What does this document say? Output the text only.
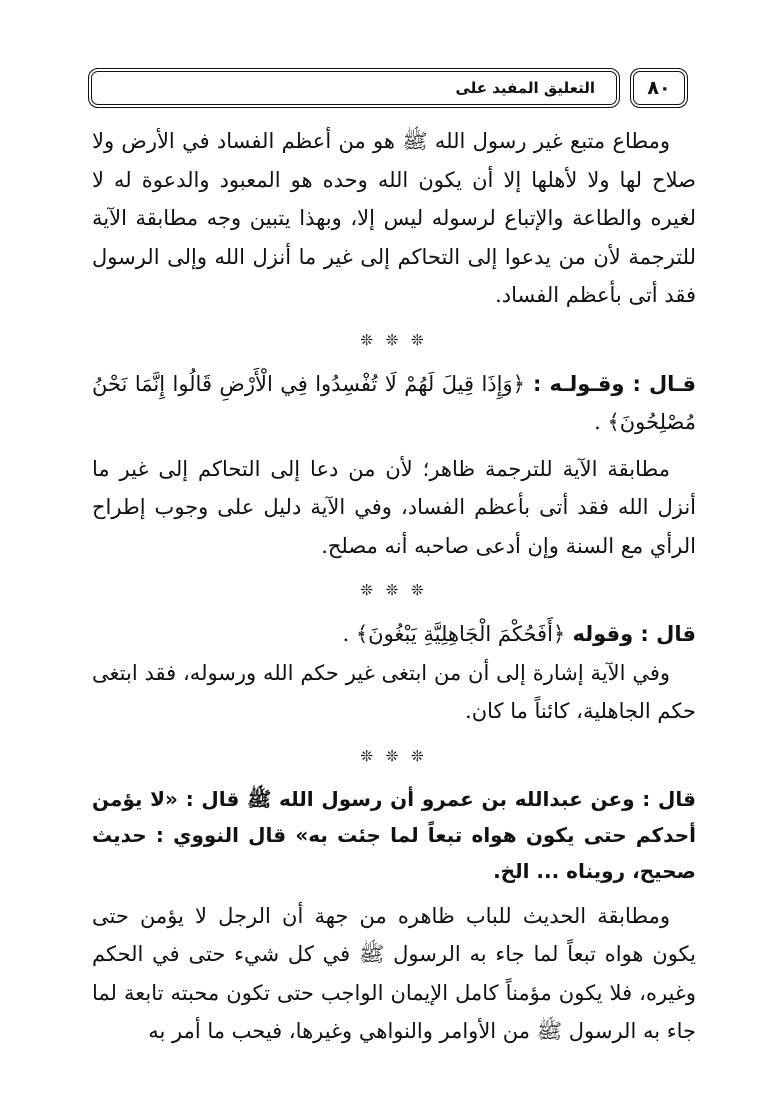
التعليق المفيد على	٨٠

ومطاع متبع غير رسول الله ﷺ هو من أعظم الفساد في الأرض ولا صلاح لها ولا لأهلها إلا أن يكون الله وحده هو المعبود والدعوة له لا لغيره والطاعة والإتباع لرسوله ليس إلا، وبهذا يتبين وجه مطابقة الآية للترجمة لأن من يدعوا إلى التحاكم إلى غير ما أنزل الله وإلى الرسول فقد أتى بأعظم الفساد.

❊ ❊ ❊

قـال : وقـولـه : ﴿وَإِذَا قِيلَ لَهُمْ لَا تُفْسِدُوا فِي الْأَرْضِ قَالُوا إِنَّمَا نَحْنُ مُصْلِحُونَ﴾ .

مطابقة الآية للترجمة ظاهر؛ لأن من دعا إلى التحاكم إلى غير ما أنزل الله فقد أتى بأعظم الفساد، وفي الآية دليل على وجوب إطراح الرأي مع السنة وإن أدعى صاحبه أنه مصلح.

❊ ❊ ❊

قال : وقوله ﴿أَفَحُكْمَ الْجَاهِلِيَّةِ يَبْغُونَ﴾ .

وفي الآية إشارة إلى أن من ابتغى غير حكم الله ورسوله، فقد ابتغى حكم الجاهلية، كائناً ما كان.

❊ ❊ ❊

قال : وعن عبدالله بن عمرو أن رسول الله ﷺ قال : «لا يؤمن أحدكم حتى يكون هواه تبعاً لما جئت به» قال النووي : حديث صحيح، رويناه ... الخ.

ومطابقة الحديث للباب ظاهره من جهة أن الرجل لا يؤمن حتى يكون هواه تبعاً لما جاء به الرسول ﷺ في كل شيء حتى في الحكم وغيره، فلا يكون مؤمناً كامل الإيمان الواجب حتى تكون محبته تابعة لما جاء به الرسول ﷺ من الأوامر والنواهي وغيرها، فيحب ما أمر به
